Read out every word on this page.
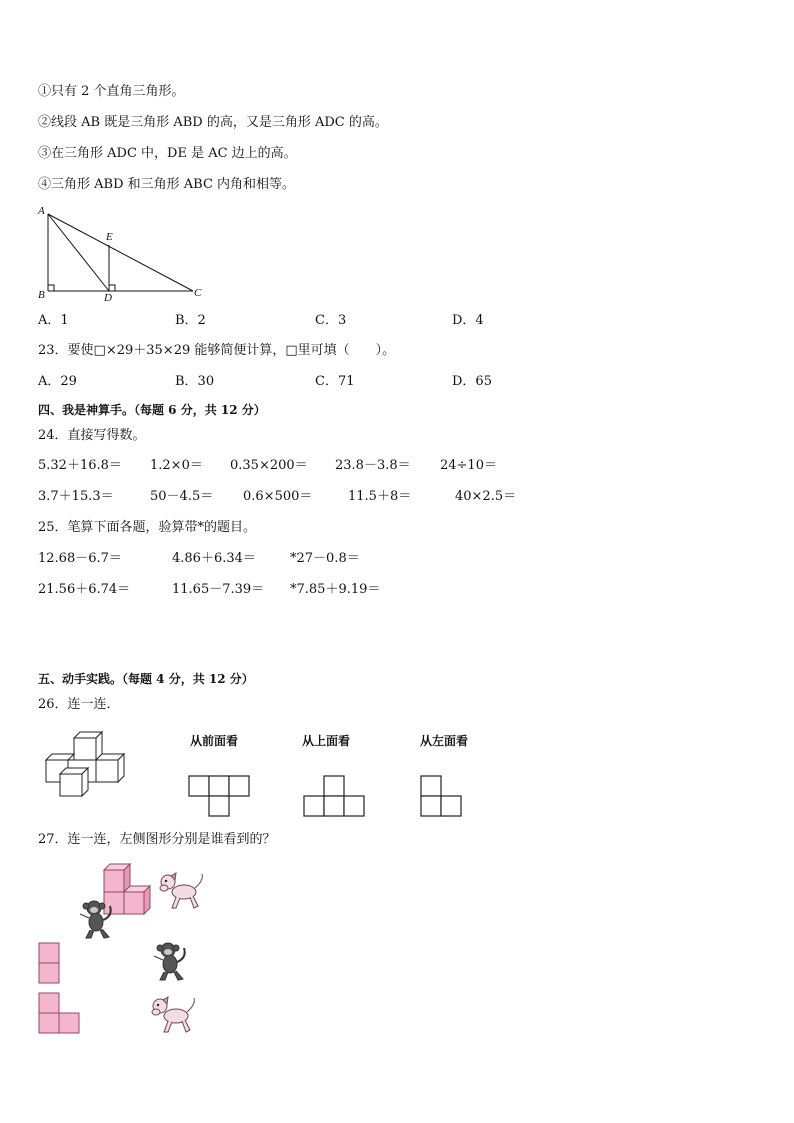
①只有 2 个直角三角形。
②线段 AB 既是三角形 ABD 的高，又是三角形 ADC 的高。
③在三角形 ADC 中，DE 是 AC 边上的高。
④三角形 ABD 和三角形 ABC 内角和相等。
A
B	D	C
E
A．1	B．2	C．3	D．4
23．要使□×29＋35×29 能够简便计算，□里可填（　　）。
A．29	B．30	C．71	D．65
四、我是神算手。（每题 6 分，共 12 分）
24．直接写得数。
5.32＋16.8＝ 1.2×0＝ 0.35×200＝ 23.8－3.8＝ 24÷10＝
3.7＋15.3＝	50－4.5＝ 0.6×500＝	11.5＋8＝	40×2.5＝
25．笔算下面各题，验算带*的题目。
12.68－6.7＝	4.86＋6.34＝	*27－0.8＝
21.56＋6.74＝	11.65－7.39＝ *7.85＋9.19＝
五、动手实践。（每题 4 分，共 12 分）
26．连一连．
从前面看	从上面看	从左面看
27．连一连，左侧图形分别是谁看到的？
